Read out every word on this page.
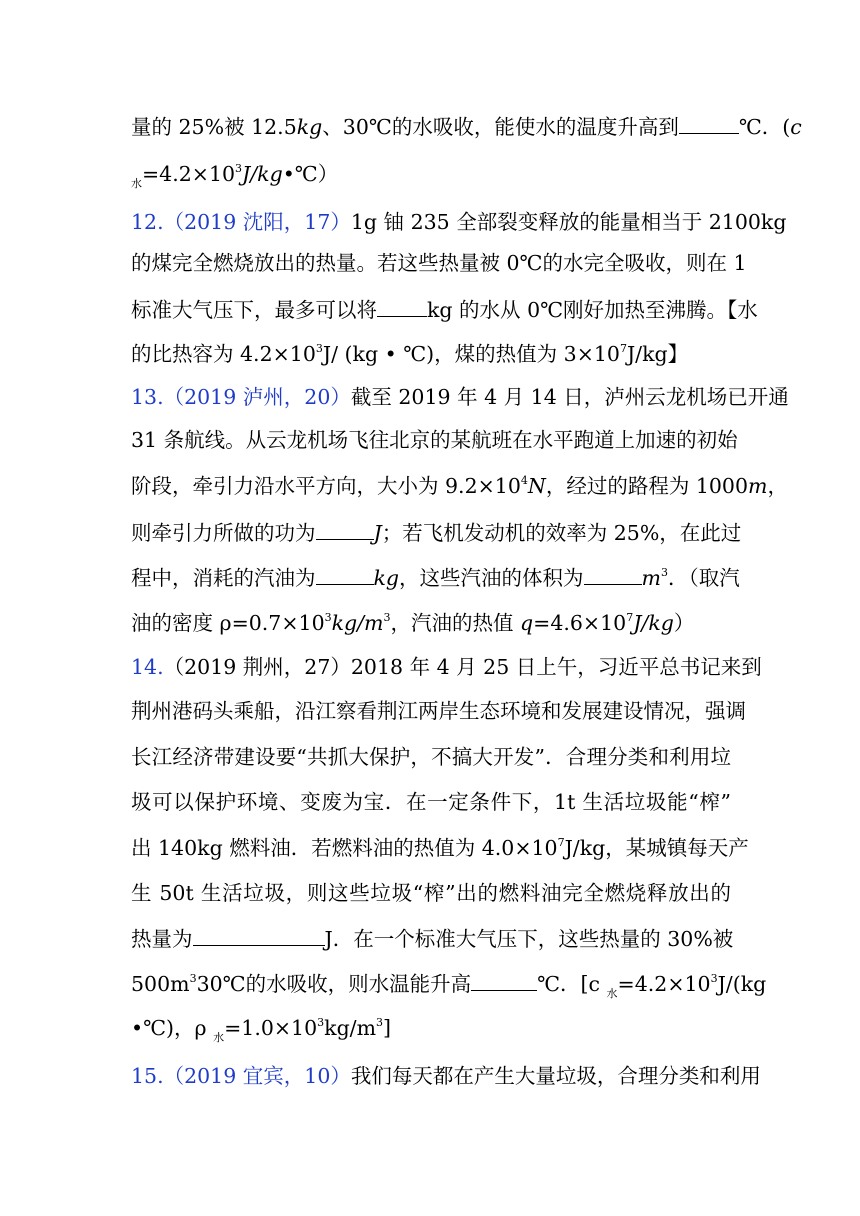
量的 25%被 12.5kg、30℃的水吸收，能使水的温度升高到	℃．(c
$_水=4.2\times 10^3J/kg•℃$）
12.（2019 沈阳，17）1g 铀 235 全部裂变释放的能量相当于 2100kg
的煤完全燃烧放出的热量。若这些热量被 0℃的水完全吸收，则在 1
标准大气压下，最多可以将 kg 的水从 0℃刚好加热至沸腾。【水
的比热容为 $4.2\times 10^3J/$ (kg • ℃)，煤的热值为 $3\times 10^7J/kg$】
13.（2019 泸州，20）截至 2019 年 4 月 14 日，泸州云龙机场已开通
31 条航线。从云龙机场飞往北京的某航班在水平跑道上加速的初始
阶段，牵引力沿水平方向，大小为 $9.2\times 10^4N$，经过的路程为 1000m，
则牵引力所做的功为	J；若飞机发动机的效率为 25%，在此过
程中，消耗的汽油为	kg，这些汽油的体积为	$m^3$．（取汽
油的密度 $\rho=0.7\times 10^3kg/m^3$，汽油的热值 $q=4.6\times 10^7J/kg$）
14.（2019 荆州，27）2018 年 4 月 25 日上午，习近平总书记来到
荆州港码头乘船，沿江察看荆江两岸生态环境和发展建设情况，强调
长江经济带建设要“共抓大保护，不搞大开发”．合理分类和利用垃
圾可以保护环境、变废为宝．在一定条件下，1t 生活垃圾能“榨”
出 140kg 燃料油．若燃料油的热值为 $4.0\times 10^7J/kg$，某城镇每天产
生 50t 生活垃圾，则这些垃圾“榨”出的燃料油完全燃烧释放出的
热量为	J．在一个标准大气压下，这些热量的 30%被
$500m^330℃$的水吸收，则水温能升高	℃．[c $_水=4.2\times 10^3J/(kg$
•℃)，ρ $_水=1.0\times 10^3kg/m^3$]
15.（2019 宜宾，10）我们每天都在产生大量垃圾，合理分类和利用
